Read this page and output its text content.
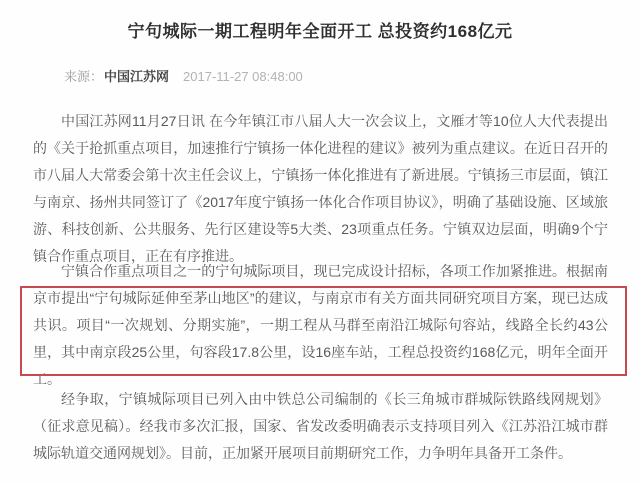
宁句城际一期工程明年全面开工 总投资约168亿元
来源：中国江苏网 2017-11-27 08:48:00

中国江苏网11月27日讯 在今年镇江市八届人大一次会议上，文雁才等10位人大代表提出的《关于抢抓重点项目，加速推行宁镇扬一体化进程的建议》被列为重点建议。在近日召开的市八届人大常委会第十次主任会议上，宁镇扬一体化推进有了新进展。宁镇扬三市层面，镇江与南京、扬州共同签订了《2017年度宁镇扬一体化合作项目协议》，明确了基础设施、区域旅游、科技创新、公共服务、先行区建设等5大类、23项重点任务。宁镇双边层面，明确9个宁镇合作重点项目，正在有序推进。

宁镇合作重点项目之一的宁句城际项目，现已完成设计招标，各项工作加紧推进。根据南京市提出“宁句城际延伸至茅山地区”的建议，与南京市有关方面共同研究项目方案，现已达成共识。项目“一次规划、分期实施”，一期工程从马群至南沿江城际句容站，线路全长约43公里，其中南京段25公里，句容段17.8公里，设16座车站，工程总投资约168亿元，明年全面开工。

经争取，宁镇城际项目已列入由中铁总公司编制的《长三角城市群城际铁路线网规划》（征求意见稿）。经我市多次汇报，国家、省发改委明确表示支持项目列入《江苏沿江城市群城际轨道交通网规划》。目前，正加紧开展项目前期研究工作，力争明年具备开工条件。
